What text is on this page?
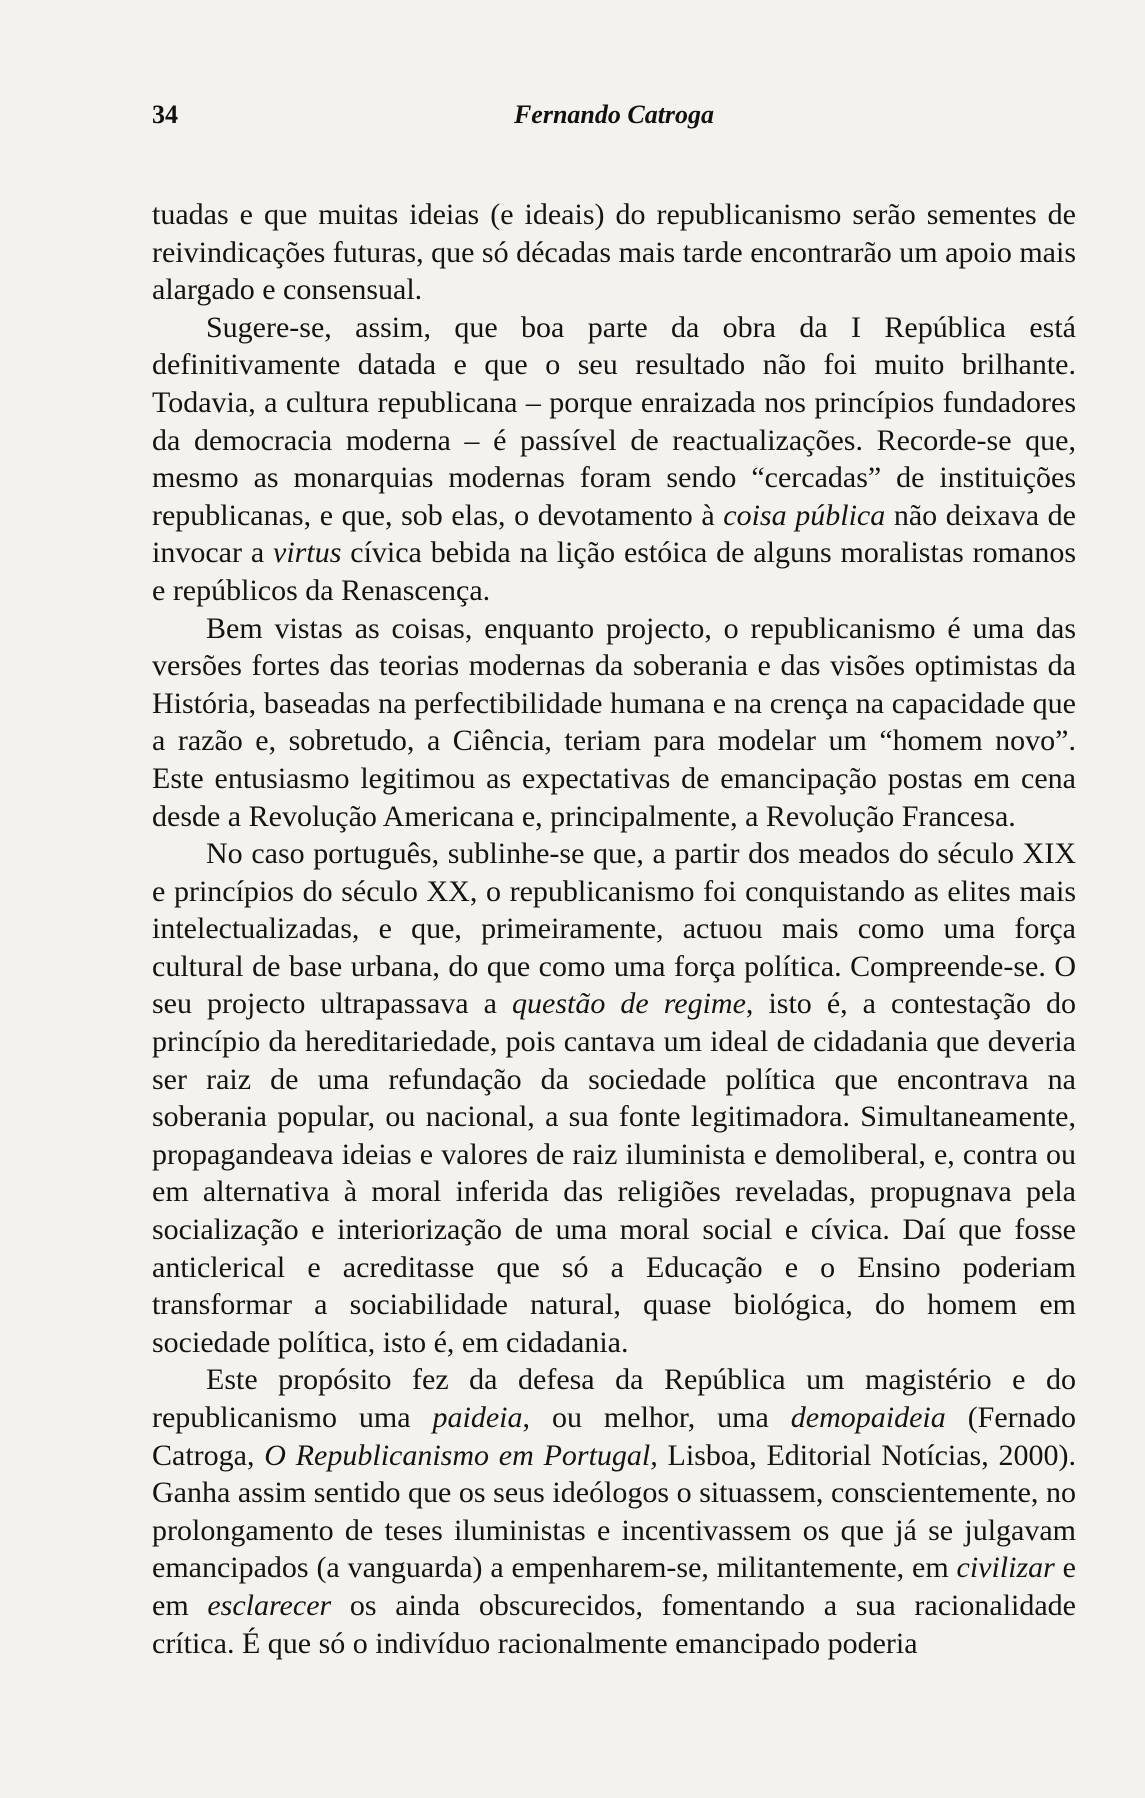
34	Fernando Catroga

tuadas e que muitas ideias (e ideais) do republicanismo serão sementes de reivindicações futuras, que só décadas mais tarde encontrarão um apoio mais alargado e consensual.

Sugere-se, assim, que boa parte da obra da I República está definitivamente datada e que o seu resultado não foi muito brilhante. Todavia, a cultura republicana – porque enraizada nos princípios fundadores da democracia moderna – é passível de reactualizações. Recorde-se que, mesmo as monarquias modernas foram sendo “cercadas” de instituições republicanas, e que, sob elas, o devotamento à coisa pública não deixava de invocar a virtus cívica bebida na lição estóica de alguns moralistas romanos e repúblicos da Renascença.

Bem vistas as coisas, enquanto projecto, o republicanismo é uma das versões fortes das teorias modernas da soberania e das visões optimistas da História, baseadas na perfectibilidade humana e na crença na capacidade que a razão e, sobretudo, a Ciência, teriam para modelar um “homem novo”. Este entusiasmo legitimou as expectativas de emancipação postas em cena desde a Revolução Americana e, principalmente, a Revolução Francesa.

No caso português, sublinhe-se que, a partir dos meados do século XIX e princípios do século XX, o republicanismo foi conquistando as elites mais intelectualizadas, e que, primeiramente, actuou mais como uma força cultural de base urbana, do que como uma força política. Compreende-se. O seu projecto ultrapassava a questão de regime, isto é, a contestação do princípio da hereditariedade, pois cantava um ideal de cidadania que deveria ser raiz de uma refundação da sociedade política que encontrava na soberania popular, ou nacional, a sua fonte legitimadora. Simultaneamente, propagandeava ideias e valores de raiz iluminista e demoliberal, e, contra ou em alternativa à moral inferida das religiões reveladas, propugnava pela socialização e interiorização de uma moral social e cívica. Daí que fosse anticlerical e acreditasse que só a Educação e o Ensino poderiam transformar a sociabilidade natural, quase biológica, do homem em sociedade política, isto é, em cidadania.

Este propósito fez da defesa da República um magistério e do republicanismo uma paideia, ou melhor, uma demopaideia (Fernado Catroga, O Republicanismo em Portugal, Lisboa, Editorial Notícias, 2000). Ganha assim sentido que os seus ideólogos o situassem, conscientemente, no prolongamento de teses iluministas e incentivassem os que já se julgavam emancipados (a vanguarda) a empenharem-se, militantemente, em civilizar e em esclarecer os ainda obscurecidos, fomentando a sua racionalidade crítica. É que só o indivíduo racionalmente emancipado poderia
